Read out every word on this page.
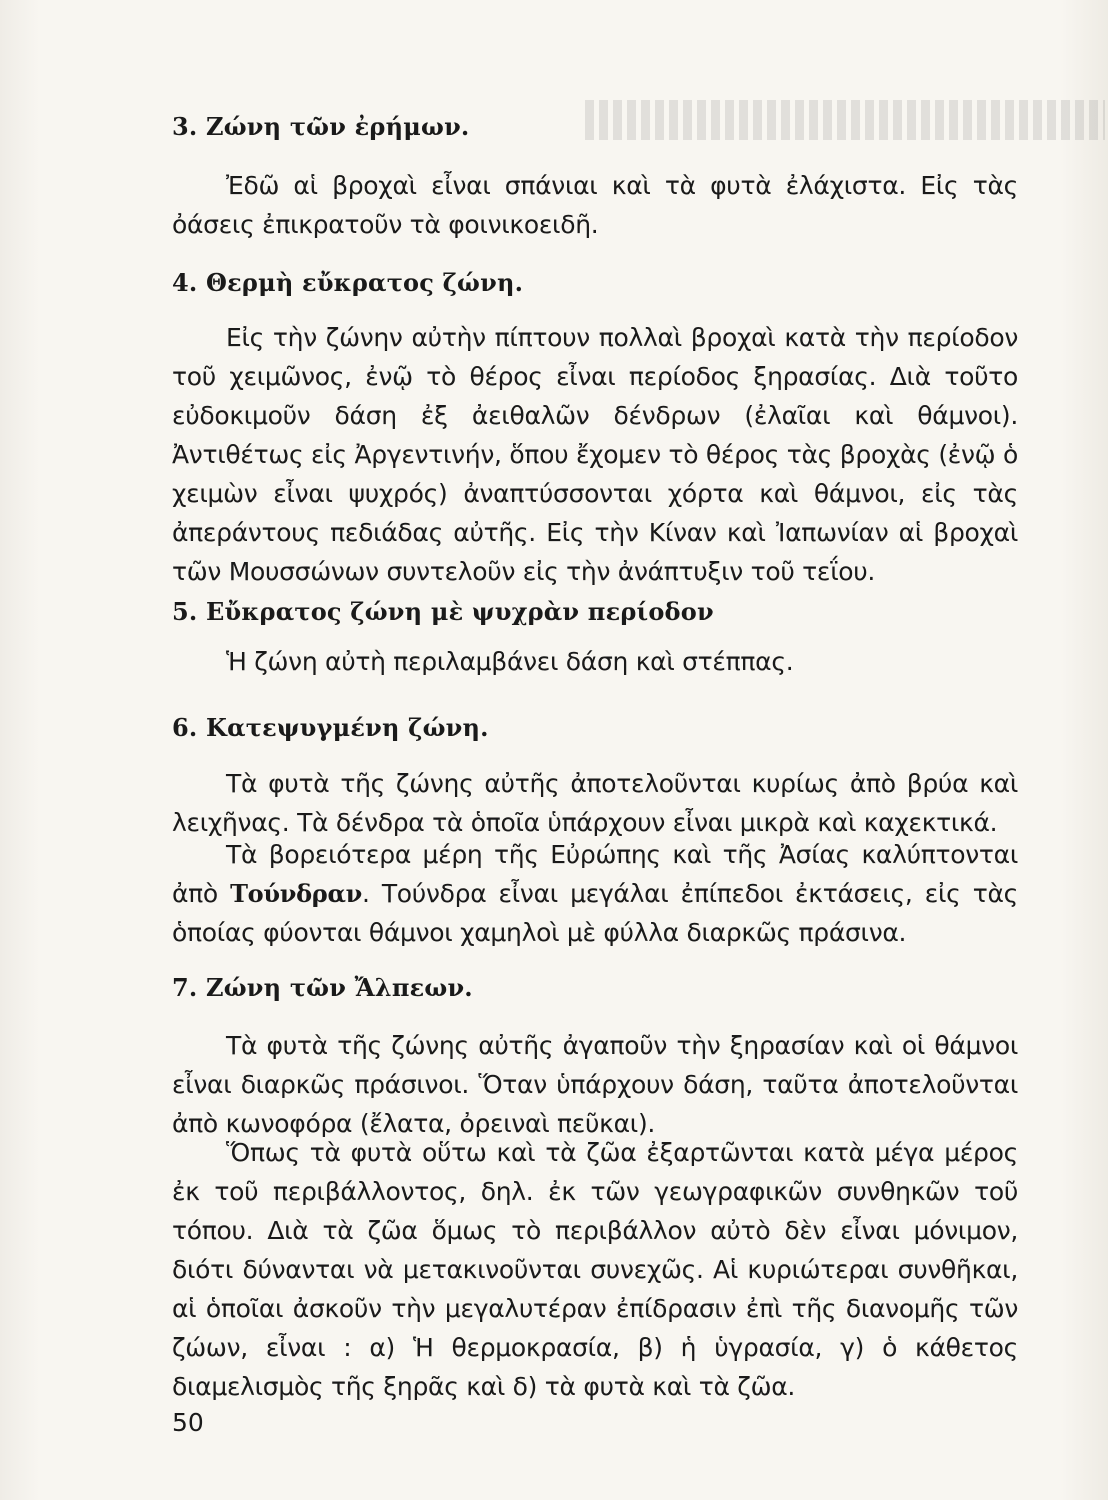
3. Ζώνη τῶν ἐρήμων.

Ἐδῶ αἱ βροχαὶ εἶναι σπάνιαι καὶ τὰ φυτὰ ἐλάχιστα. Εἰς τὰς ὀάσεις ἐπικρατοῦν τὰ φοινικοειδῆ.

4. Θερμὴ εὔκρατος ζώνη.

Εἰς τὴν ζώνην αὐτὴν πίπτουν πολλαὶ βροχαὶ κατὰ τὴν περίοδον τοῦ χειμῶνος, ἐνῷ τὸ θέρος εἶναι περίοδος ξηρασίας. Διὰ τοῦτο εὐδοκιμοῦν δάση ἐξ ἀειθαλῶν δένδρων (ἐλαῖαι καὶ θάμνοι). Ἀντιθέτως εἰς Ἀργεντινήν, ὅπου ἔχομεν τὸ θέρος τὰς βροχὰς (ἐνῷ ὁ χειμὼν εἶναι ψυχρός) ἀναπτύσσονται χόρτα καὶ θάμνοι, εἰς τὰς ἀπεράντους πεδιάδας αὐτῆς. Εἰς τὴν Κίναν καὶ Ἰαπωνίαν αἱ βροχαὶ τῶν Μουσσώνων συντελοῦν εἰς τὴν ἀνάπτυξιν τοῦ τεΐου.

5. Εὔκρατος ζώνη μὲ ψυχρὰν περίοδον

Ἡ ζώνη αὐτὴ περιλαμβάνει δάση καὶ στέππας.

6. Κατεψυγμένη ζώνη.

Τὰ φυτὰ τῆς ζώνης αὐτῆς ἀποτελοῦνται κυρίως ἀπὸ βρύα καὶ λειχῆνας. Τὰ δένδρα τὰ ὁποῖα ὑπάρχουν εἶναι μικρὰ καὶ καχεκτικά.

Τὰ βορειότερα μέρη τῆς Εὐρώπης καὶ τῆς Ἀσίας καλύπτονται ἀπὸ Τούνδραν. Τούνδρα εἶναι μεγάλαι ἐπίπεδοι ἐκτάσεις, εἰς τὰς ὁποίας φύονται θάμνοι χαμηλοὶ μὲ φύλλα διαρκῶς πράσινα.

7. Ζώνη τῶν Ἄλπεων.

Τὰ φυτὰ τῆς ζώνης αὐτῆς ἀγαποῦν τὴν ξηρασίαν καὶ οἱ θάμνοι εἶναι διαρκῶς πράσινοι. Ὅταν ὑπάρχουν δάση, ταῦτα ἀποτελοῦνται ἀπὸ κωνοφόρα (ἔλατα, ὀρειναὶ πεῦκαι).

Ὅπως τὰ φυτὰ οὕτω καὶ τὰ ζῶα ἐξαρτῶνται κατὰ μέγα μέρος ἐκ τοῦ περιβάλλοντος, δηλ. ἐκ τῶν γεωγραφικῶν συνθηκῶν τοῦ τόπου. Διὰ τὰ ζῶα ὅμως τὸ περιβάλλον αὐτὸ δὲν εἶναι μόνιμον, διότι δύνανται νὰ μετακινοῦνται συνεχῶς. Αἱ κυριώτεραι συνθῆκαι, αἱ ὁποῖαι ἀσκοῦν τὴν μεγαλυτέραν ἐπίδρασιν ἐπὶ τῆς διανομῆς τῶν ζώων, εἶναι : α) Ἡ θερμοκρασία, β) ἡ ὑγρασία, γ) ὁ κάθετος διαμελισμὸς τῆς ξηρᾶς καὶ δ) τὰ φυτὰ καὶ τὰ ζῶα.

50
